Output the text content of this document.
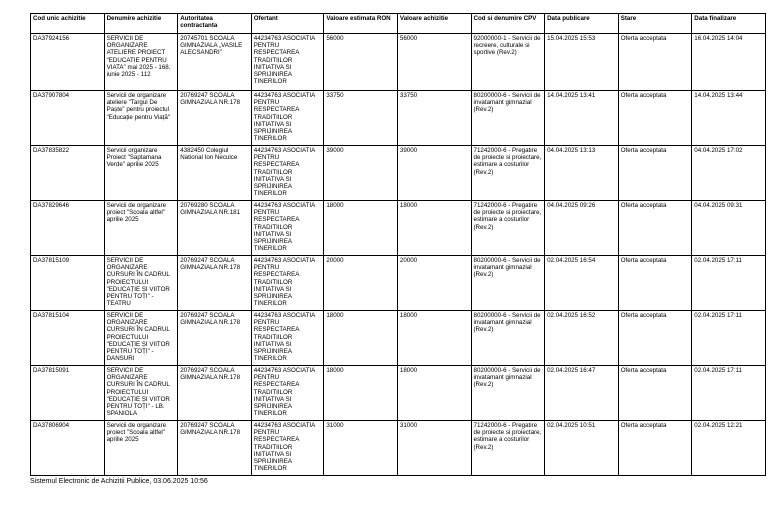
Cod unic achizitie	Denumire achizitie	Autoritatea contractanta	Ofertant	Valoare estimata RON	Valoare achizitie	Cod si denumire CPV	Data publicare	Stare	Data finalizare
DA37924156	SERVICII DE ORGANIZARE ATELIERE PROIECT "EDUCATIE PENTRU VIATA" mai 2025 - 168, iunie 2025 - 112	20745701 SCOALA GIMNAZIALA „VASILE ALECSANDRI”	44234763 ASOCIATIA PENTRU RESPECTAREA TRADITIILOR INITIATIVA SI SPRIJINIREA TINERILOR	56000	56000	92000000-1 - Servicii de recreere, culturale si sportive (Rev.2)	15.04.2025 15:53	Oferta acceptata	16.04.2025 14:04
DA37907804	Servicii de organizare ateliere "Targul De Paște" pentru proiectul "Educație pentru Viață"	20769247 SCOALA GIMNAZIALA NR.178	44234763 ASOCIATIA PENTRU RESPECTAREA TRADITIILOR INITIATIVA SI SPRIJINIREA TINERILOR	33750	33750	80200000-6 - Servicii de invatamant gimnazial (Rev.2)	14.04.2025 13:41	Oferta acceptata	14.04.2025 13:44
DA37835822	Servicii organizare Proiect "Saptamana Verde" aprilie 2025	4382450 Colegiul National Ion Neculce	44234763 ASOCIATIA PENTRU RESPECTAREA TRADITIILOR INITIATIVA SI SPRIJINIREA TINERILOR	39000	39000	71242000-6 - Pregatire de proiecte si proiectare, estimare a costurilor (Rev.2)	04.04.2025 13:13	Oferta acceptata	04.04.2025 17:02
DA37829646	Servicii de organizare proiect "Scoala altfel" aprilie 2025	20769280 SCOALA GIMNAZIALA NR.181	44234763 ASOCIATIA PENTRU RESPECTAREA TRADITIILOR INITIATIVA SI SPRIJINIREA TINERILOR	18000	18000	71242000-6 - Pregatire de proiecte si proiectare, estimare a costurilor (Rev.2)	04.04.2025 09:26	Oferta acceptata	04.04.2025 09:31
DA37815109	SERVICII DE ORGANIZARE CURSURI ÎN CADRUL PROIECTULUI "EDUCAȚIE ȘI VIITOR PENTRU TOȚI" - TEATRU	20769247 SCOALA GIMNAZIALA NR.178	44234763 ASOCIATIA PENTRU RESPECTAREA TRADITIILOR INITIATIVA SI SPRIJINIREA TINERILOR	20000	20000	80200000-6 - Servicii de invatamant gimnazial (Rev.2)	02.04.2025 16:54	Oferta acceptata	02.04.2025 17:11
DA37815104	SERVICII DE ORGANIZARE CURSURI ÎN CADRUL PROIECTULUI "EDUCAȚIE ȘI VIITOR PENTRU TOȚI" - DANSURI	20769247 SCOALA GIMNAZIALA NR.178	44234763 ASOCIATIA PENTRU RESPECTAREA TRADITIILOR INITIATIVA SI SPRIJINIREA TINERILOR	18000	18000	80200000-6 - Servicii de invatamant gimnazial (Rev.2)	02.04.2025 16:52	Oferta acceptata	02.04.2025 17:11
DA37815091	SERVICII DE ORGANIZARE CURSURI ÎN CADRUL PROIECTULUI "EDUCAȚIE ȘI VIITOR PENTRU TOȚI" - LB. SPANIOLA	20769247 SCOALA GIMNAZIALA NR.178	44234763 ASOCIATIA PENTRU RESPECTAREA TRADITIILOR INITIATIVA SI SPRIJINIREA TINERILOR	18000	18000	80200000-6 - Servicii de invatamant gimnazial (Rev.2)	02.04.2025 16:47	Oferta acceptata	02.04.2025 17:11
DA37806904	Servicii de organizare proiect "Scoala altfel" aprilie 2025	20769247 SCOALA GIMNAZIALA NR.178	44234763 ASOCIATIA PENTRU RESPECTAREA TRADITIILOR INITIATIVA SI SPRIJINIREA TINERILOR	31000	31000	71242000-6 - Pregatire de proiecte si proiectare, estimare a costurilor (Rev.2)	02.04.2025 10:51	Oferta acceptata	02.04.2025 12:21
Sistemul Electronic de Achizitii Publice, 03.06.2025 10:56
